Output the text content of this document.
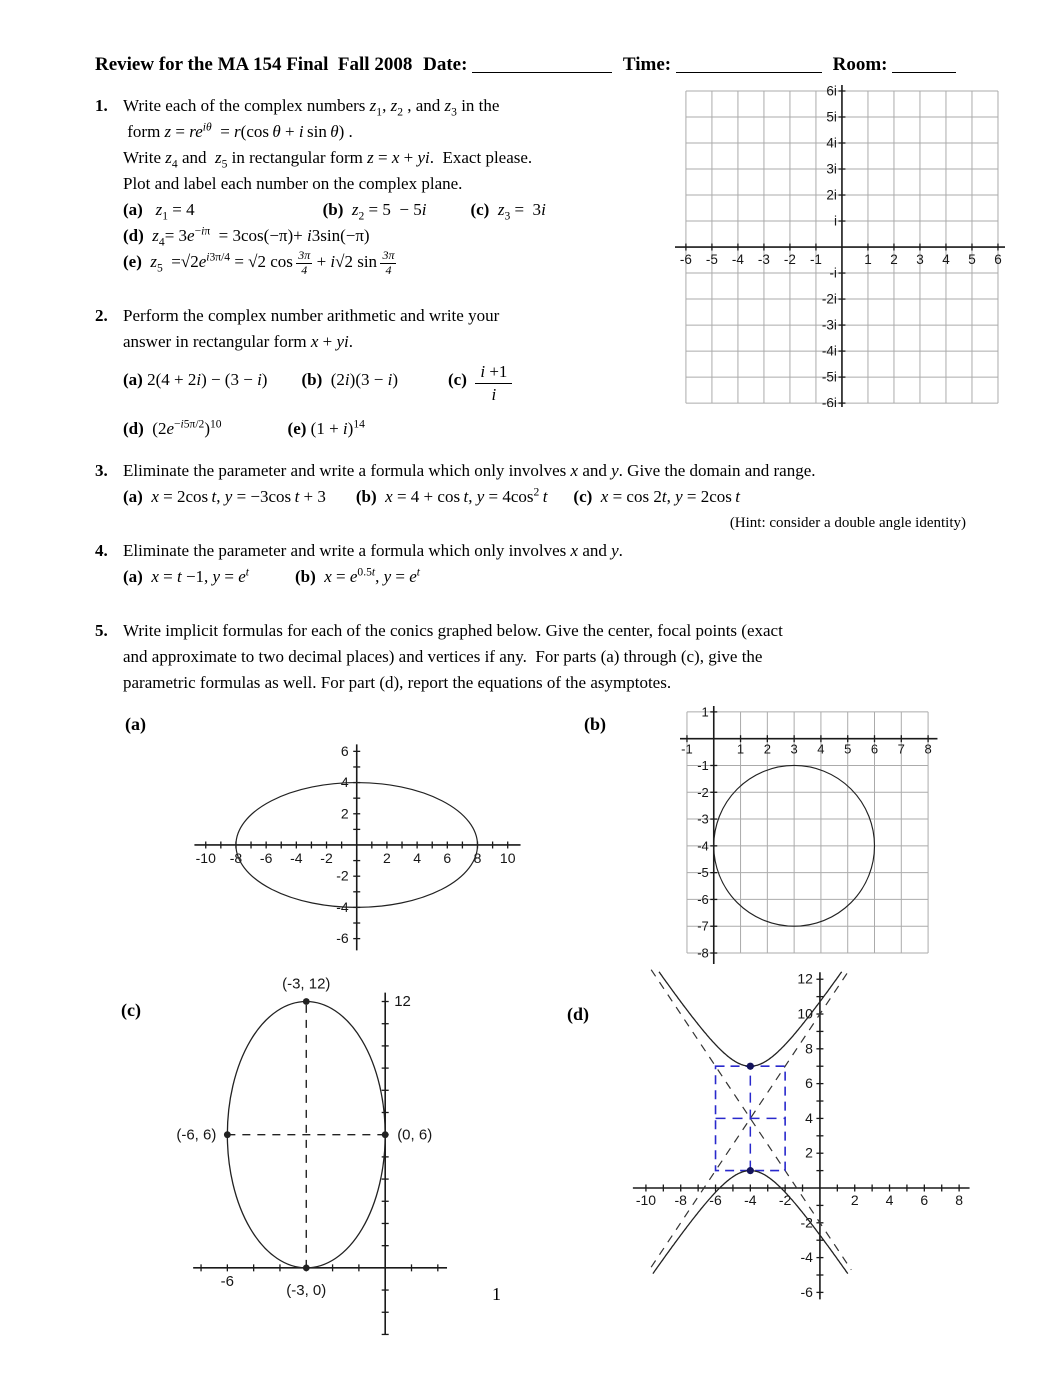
Review for the MA 154 Final  Fall 2008 Date:	Time:	Room:
1. Write each of the complex numbers $z_1$, $z_2$ , and $z_3$ in the
form $z = re^{i\theta} = r(\cos$ θ + i sin θ) .
Write $z_4$ and  $z_5$ in rectangular form z = x + yi.  Exact please.
Plot and label each number on the complex plane.
(a) $z_1 = 4$	(b) $z_2 = 5 - 5i$	(c) $z_3 = 3i$
(d) $z_4= 3e^{-i\pi} = 3\cos(-\pi)+ i3\sin(-\pi)$
(e) $z_5 =√2e^{i3\pi/4} = √2$ $\cos \frac{3\pi}{4} + i√2$ $\sin \frac{3\pi}{4}$
2. Perform the complex number arithmetic and write your
answer in rectangular form x + yi.
(a) 2(4 + 2i) − (3 − i) (b)  (2i)(3 − i)	$(c) \frac{i +1}{i}$
(d)  $(2e^{-i5\pi/2})^{10}$	(e) $(1 + i)^{14}$
3. Eliminate the parameter and write a formula which only involves x and y. Give the domain and range.
(a) x = 2cos t, y = −3cos t + 3 (b) x = 4 + cos t, $y = 4\cos^2$  t (c) x = cos 2t, y = 2cos t
(Hint: consider a double angle identity)
4. Eliminate the parameter and write a formula which only involves x and y.
(a) x = t −1, $y = e^t$	(b) $x = e^{0.5t}$, $y = e^t$
5. Write implicit formulas for each of the conics graphed below. Give the center, focal points (exact
and approximate to two decimal places) and vertices if any.  For parts (a) through (c), give the
parametric formulas as well. For part (d), report the equations of the asymptotes.
(a)	(b)
(c)	(d)
-6 -5 -4 -3 -2 -1	1 2 3 4 5 6
6i
5i
4i
3i
2i
i
-i
-2i
-3i
-4i
-5i
-6i
-10 -8 -6 -4 -2	2 4 6 8 10
6
4
2
-2
-4
-6
-1	1 2 3 4 5 6 7 8
1
-1
-2
-3
-4
-5
-6
-7
-8
-6
12
(-3, 12)
(-6, 6)	(0, 6)
(-3, 0)
-10 -8 -6 -4 -2	2 4 6 8
12
10
8
6
4
2
-2
-4
-6
1
